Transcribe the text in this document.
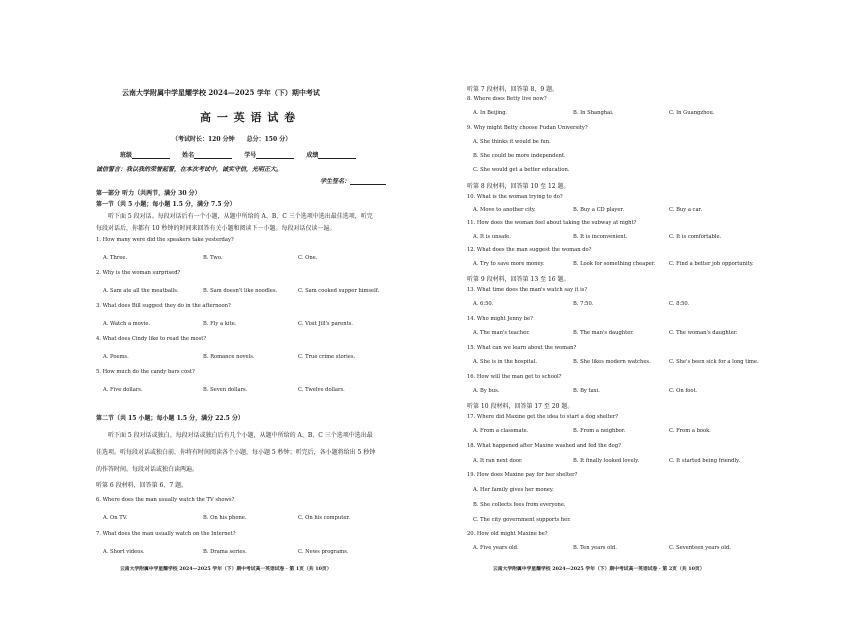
云南大学附属中学星耀学校 2024—2025 学年（下）期中考试
高 一 英 语 试 卷
（考试时长：120 分钟　　总分：150 分）
班级	姓名	学号	成绩
诚信誓言：我以我的荣誉起誓，在本次考试中，诚实守信，光明正大。
学生签名：
第一部分 听力（共两节，满分 30 分）
第一节（共 5 小题；每小题 1.5 分，满分 7.5 分）
听下面 5 段对话。每段对话后有一个小题，从题中所给的 A、B、C 三个选项中选出最佳选项，听完
每段对话后，你都有 10 秒钟的时间来回答有关小题和阅读下一小题。每段对话仅读一遍。
1. How many were did the speakers take yesterday?
A. Three.	B. Two.	C. One.
2. Why is the woman surprised?
A. Sam ate all the meatballs.	B. Sam doesn't like noodles.	C. Sam cooked supper himself.
3. What does Bill suggest they do in the afternoon?
A. Watch a movie.	B. Fly a kite.	C. Visit Jill's parents.
4. What does Cindy like to read the most?
A. Poems.	B. Romance novels.	C. True crime stories.
5. How much do the candy bars cost?
A. Five dollars.	B. Seven dollars.	C. Twelve dollars.
第二节（共 15 小题；每小题 1.5 分，满分 22.5 分）
听下面 5 段对话或独白。每段对话或独白后有几个小题，从题中所给的 A、B、C 三个选项中选出最
佳选项。听每段对话或独白前，你将有时间阅读各个小题，每小题 5 秒钟；听完后，各小题将给出 5 秒钟
的作答时间。每段对话或独白读两遍。
听第 6 段材料，回答第 6、7 题。
6. Where does the man usually watch the TV shows?
A. On TV.	B. On his phone.	C. On his computer.
7. What does the man usually watch on the Internet?
A. Short videos.	B. Drama series.	C. News programs.
云南大学附属中学星耀学校 2024—2025 学年（下）期中考试高一英语试卷 · 第 1页（共 10页）
听第 7 段材料，回答第 8、9 题。
8. Where does Betty live now?
A. In Beijing.	B. In Shanghai.	C. In Guangzhou.
9. Why might Betty choose Fudan University?
A. She thinks it would be fun.
B. She could be more independent.
C. She would get a better education.
听第 8 段材料，回答第 10 至 12 题。
10. What is the woman trying to do?
A. Move to another city.	B. Buy a CD player.	C. Buy a car.
11. How does the woman feel about taking the subway at night?
A. It is unsafe.	B. It is inconvenient.	C. It is comfortable.
12. What does the man suggest the woman do?
A. Try to save more money.	B. Look for something cheaper.	C. Find a better job opportunity.
听第 9 段材料，回答第 13 至 16 题。
13. What time does the man's watch say it is?
A. 6:50.	B. 7:50.	C. 8:50.
14. Who might Jenny be?
A. The man's teacher.	B. The man's daughter.	C. The woman's daughter.
15. What can we learn about the woman?
A. She is in the hospital.	B. She likes modern watches.	C. She's been sick for a long time.
16. How will the man get to school?
A. By bus.	B. By taxi.	C. On foot.
听第 10 段材料，回答第 17 至 20 题。
17. Where did Maxine get the idea to start a dog shelter?
A. From a classmate.	B. From a neighbor.	C. From a book.
18. What happened after Maxine washed and fed the dog?
A. It ran next door.	B. It finally looked lovely.	C. It started being friendly.
19. How does Maxine pay for her shelter?
A. Her family gives her money.
B. She collects fees from everyone.
C. The city government supports her.
20. How old might Maxine be?
A. Five years old.	B. Ten years old.	C. Seventeen years old.
云南大学附属中学星耀学校 2024—2025 学年（下）期中考试高一英语试卷 · 第 2页（共 10页）
